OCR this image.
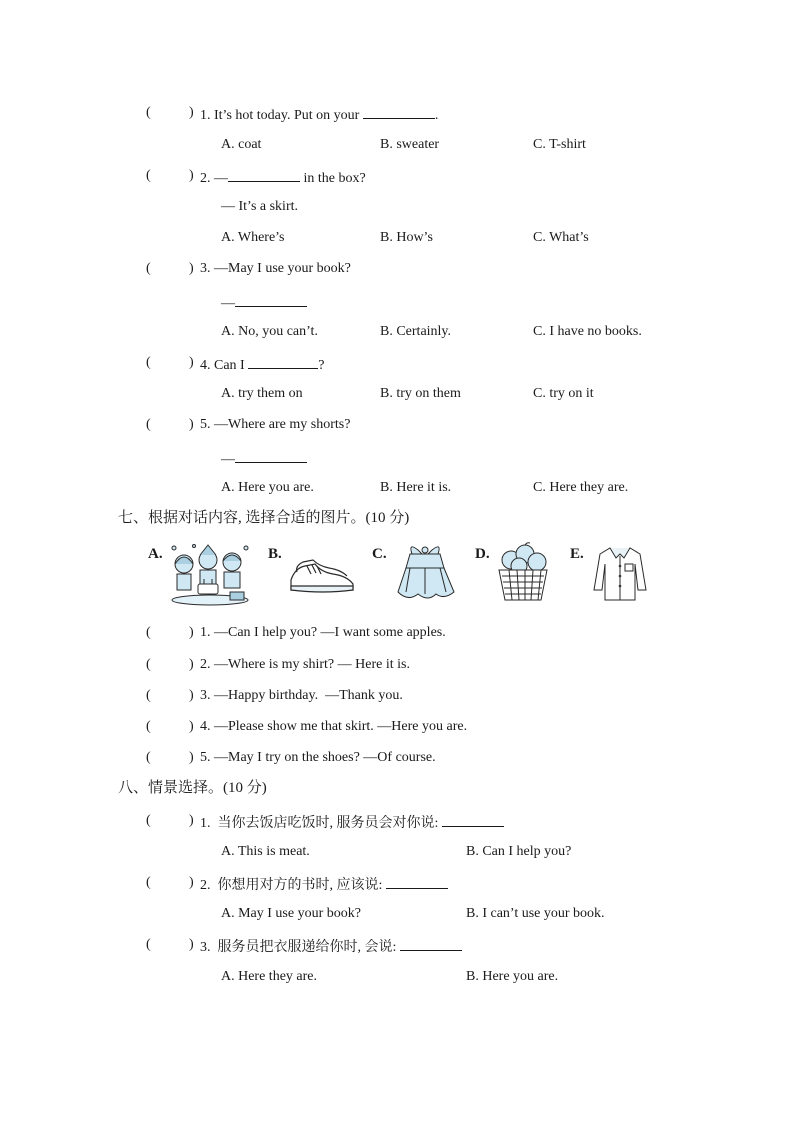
(	) 1. It’s hot today. Put on your	.
A. coat	B. sweater	C. T-shirt
(	) 2. —	in the box?
— It’s a skirt.
A. Where’s	B. How’s	C. What’s
(	) 3. —May I use your book?
—
A. No, you can’t.	B. Certainly.	C. I have no books.
(	) 4. Can I	?
A. try them on	B. try on them	C. try on it
(	) 5. —Where are my shorts?
—
A. Here you are.	B. Here it is.	C. Here they are.
七、根据对话内容, 选择合适的图片。(10 分)
A.	B.	C.	D.	E.
(	) 1. —Can I help you? —I want some apples.
(	) 2. —Where is my shirt? — Here it is.
(	) 3. —Happy birthday.  —Thank you.
(	) 4. —Please show me that skirt. —Here you are.
(	) 5. —May I try on the shoes? —Of course.
八、情景选择。(10 分)
(	) 1. 当你去饭店吃饭时, 服务员会对你说:
A. This is meat.	B. Can I help you?
(	) 2. 你想用对方的书时, 应该说:
A. May I use your book?	B. I can’t use your book.
(	) 3. 服务员把衣服递给你时, 会说:
A. Here they are.	B. Here you are.
